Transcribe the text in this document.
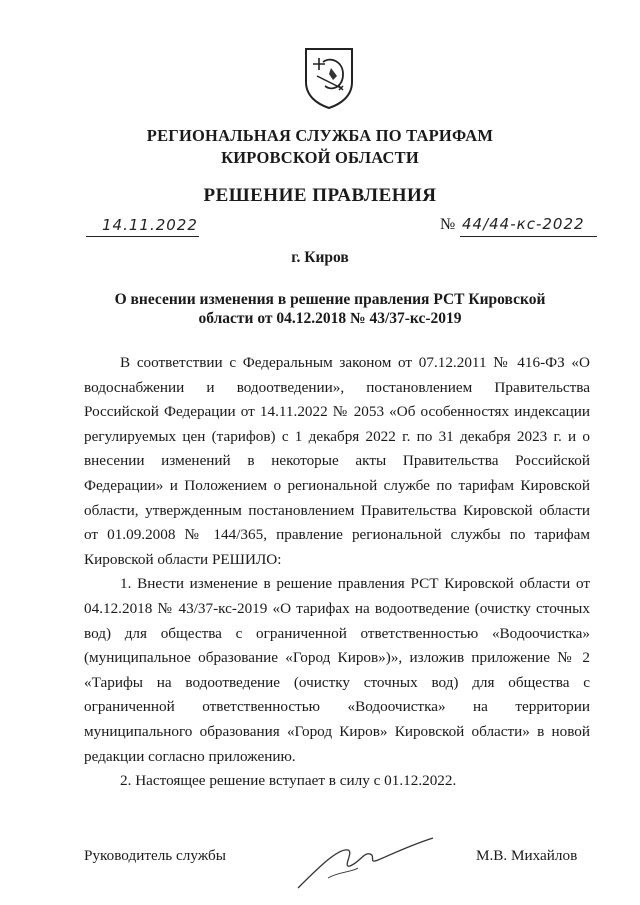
РЕГИОНАЛЬНАЯ СЛУЖБА ПО ТАРИФАМ
КИРОВСКОЙ ОБЛАСТИ
РЕШЕНИЕ ПРАВЛЕНИЯ
14.11.2022	№ 44/44-кс-2022
г. Киров
О внесении изменения в решение правления РСТ Кировской
области от 04.12.2018 № 43/37-кс-2019

В соответствии с Федеральным законом от 07.12.2011 № 416-ФЗ «О водоснабжении и водоотведении», постановлением Правительства Российской Федерации от 14.11.2022 № 2053 «Об особенностях индексации регулируемых цен (тарифов) с 1 декабря 2022 г. по 31 декабря 2023 г. и о внесении изменений в некоторые акты Правительства Российской Федерации» и Положением о региональной службе по тарифам Кировской области, утвержденным постановлением Правительства Кировской области от 01.09.2008 № 144/365, правление региональной службы по тарифам Кировской области РЕШИЛО:

1. Внести изменение в решение правления РСТ Кировской области от 04.12.2018 № 43/37-кс-2019 «О тарифах на водоотведение (очистку сточных вод) для общества с ограниченной ответственностью «Водоочистка» (муниципальное образование «Город Киров»)», изложив приложение № 2 «Тарифы на водоотведение (очистку сточных вод) для общества с ограниченной ответственностью «Водоочистка» на территории муниципального образования «Город Киров» Кировской области» в новой редакции согласно приложению.

2. Настоящее решение вступает в силу с 01.12.2022.

Руководитель службы	М.В. Михайлов
